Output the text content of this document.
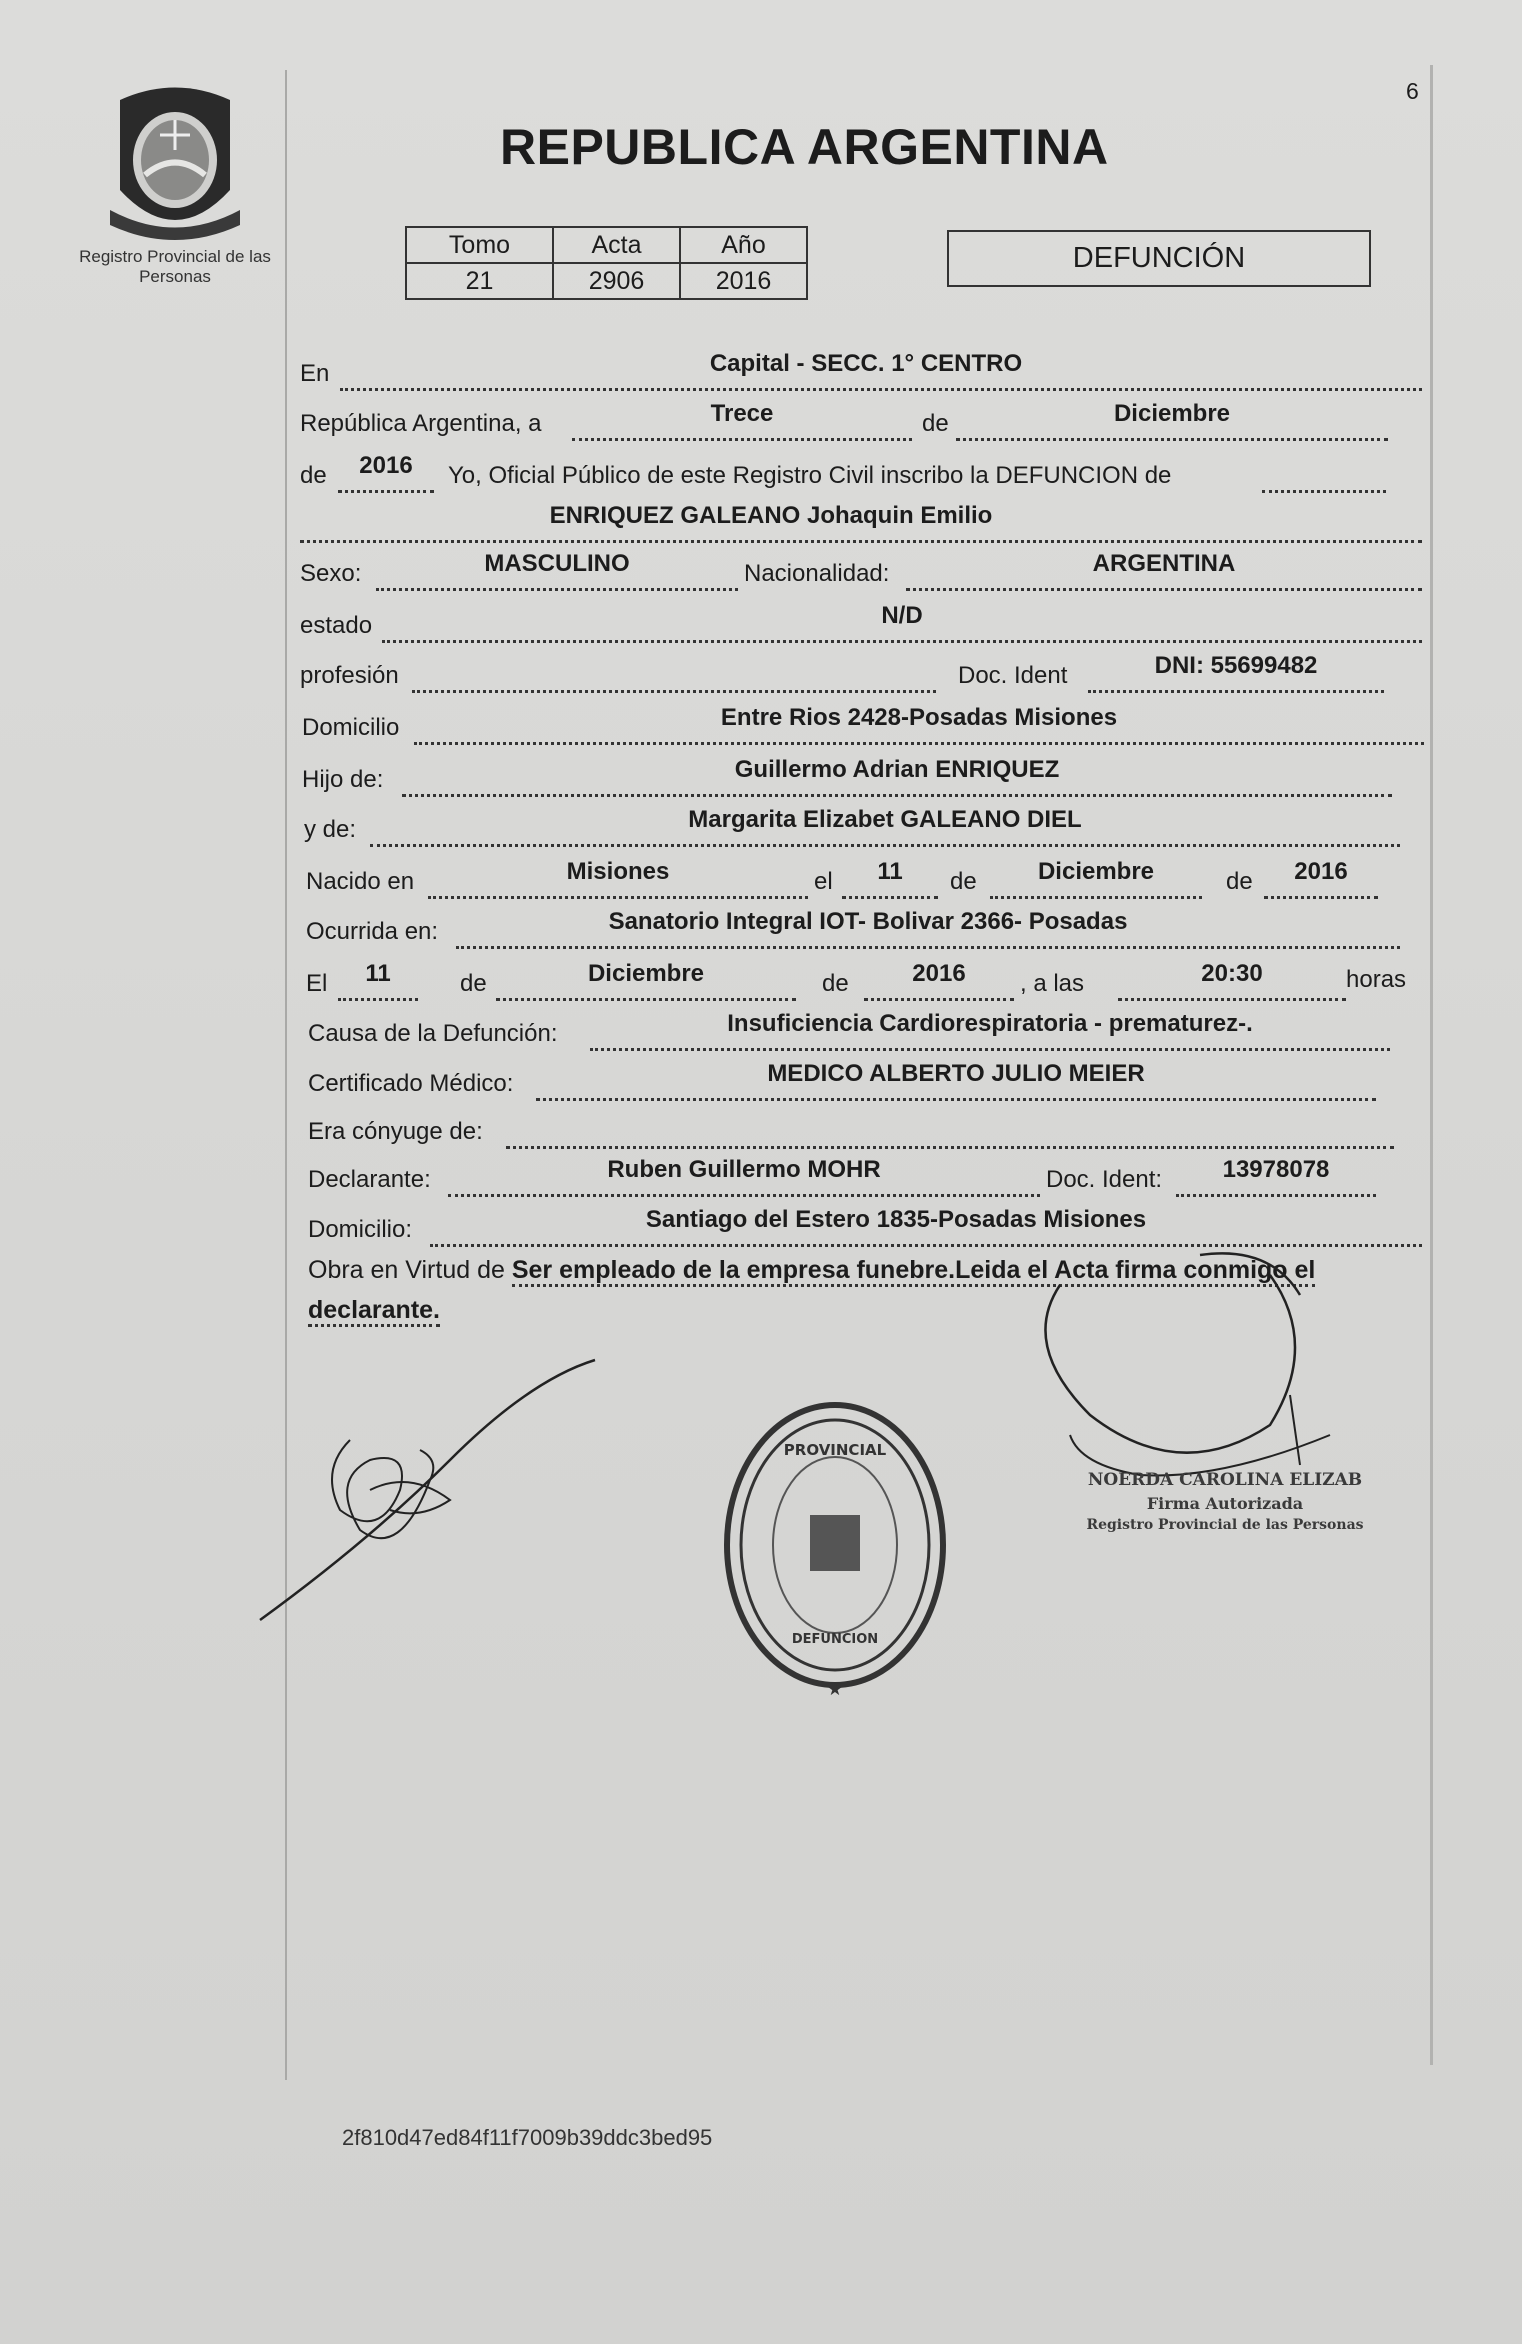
6
Registro Provincial de las Personas
REPUBLICA ARGENTINA
Tomo	Acta	Año
21	2906	2016
DEFUNCIÓN
En	Capital - SECC. 1° CENTRO
República Argentina, a	Trece	de	Diciembre
de	2016	Yo, Oficial Público de este Registro Civil inscribo la DEFUNCION de
ENRIQUEZ GALEANO Johaquin Emilio
Sexo:	MASCULINO	Nacionalidad:	ARGENTINA
estado	N/D
profesión	Doc. Ident	DNI: 55699482
Domicilio	Entre Rios 2428-Posadas Misiones
Hijo de:	Guillermo Adrian ENRIQUEZ
y de:	Margarita Elizabet GALEANO DIEL
Nacido en	Misiones	el	11	de	Diciembre	de	2016
Ocurrida en:	Sanatorio Integral IOT- Bolivar 2366- Posadas
El	11	de	Diciembre	de	2016	, a las	20:30	horas
Causa de la Defunción:	Insuficiencia Cardiorespiratoria - prematurez-.
Certificado Médico:	MEDICO ALBERTO JULIO MEIER
Era cónyuge de:
Declarante:	Ruben Guillermo MOHR	Doc. Ident:	13978078
Domicilio:	Santiago del Estero 1835-Posadas Misiones
Obra en Virtud de Ser empleado de la empresa funebre.Leida el Acta firma conmigo el declarante.
PROVINCIAL
DEFUNCION
★
NOERDA CAROLINA ELIZAB
Firma Autorizada
Registro Provincial de las Personas
2f810d47ed84f11f7009b39ddc3bed95
